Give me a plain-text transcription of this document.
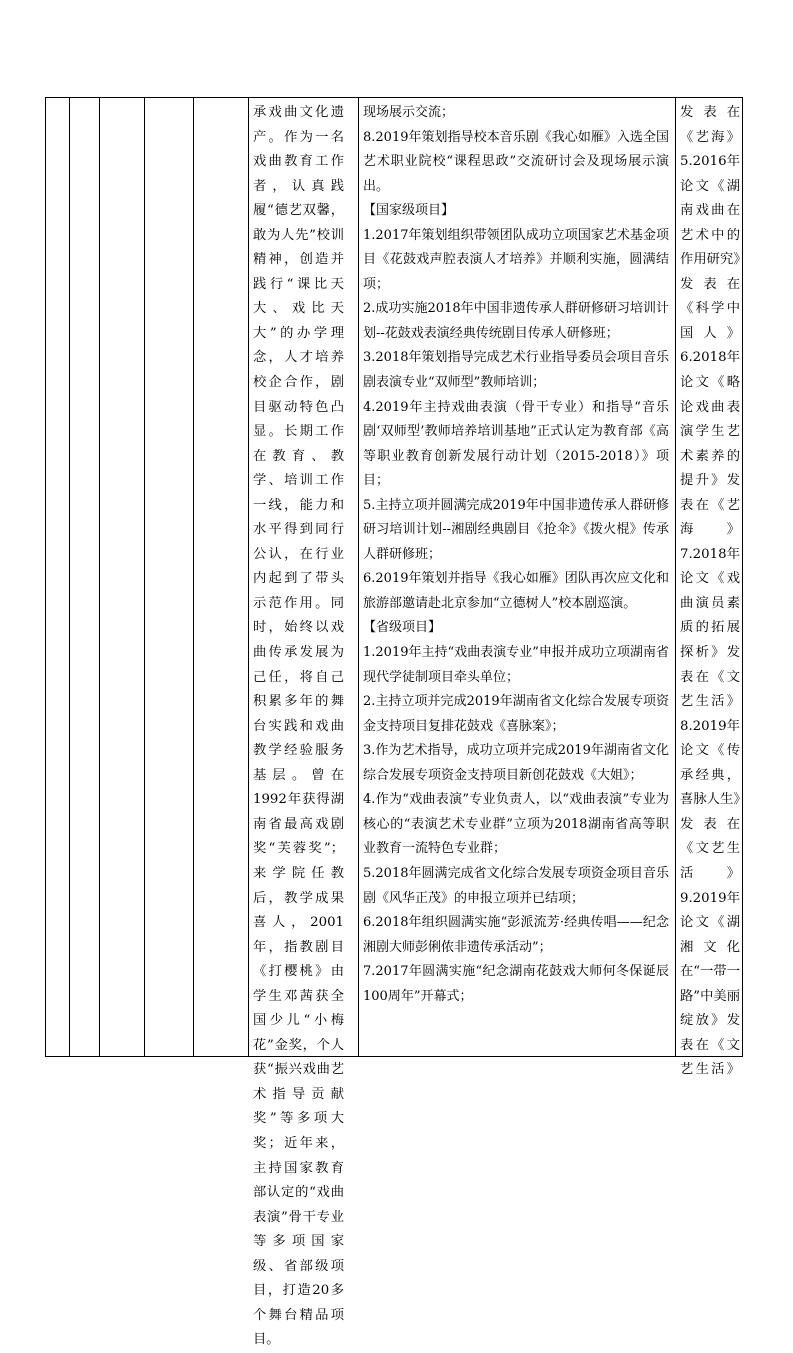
承戏曲文化遗产。作为一名戏曲教育工作者，认真践履“德艺双馨，敢为人先”校训精神，创造并践行“课比天大、戏比天大”的办学理念，人才培养校企合作，剧目驱动特色凸显。长期工作在教育、教学、培训工作一线，能力和水平得到同行公认，在行业内起到了带头示范作用。同时，始终以戏曲传承发展为己任，将自己积累多年的舞台实践和戏曲教学经验服务基层。曾在1992年获得湖南省最高戏剧奖“芙蓉奖”；来学院任教后，教学成果喜人，2001年，指教剧目《打樱桃》由学生邓茜获全国少儿“小梅花”金奖，个人获“振兴戏曲艺术指导贡献奖”等多项大奖；近年来，主持国家教育部认定的“戏曲表演”骨干专业等多项国家级、省部级项目，打造20多个舞台精品项目。

现场展示交流；
8.2019年策划指导校本音乐剧《我心如雁》入选全国艺术职业院校“课程思政”交流研讨会及现场展示演出。
【国家级项目】
1.2017年策划组织带领团队成功立项国家艺术基金项目《花鼓戏声腔表演人才培养》并顺利实施，圆满结项；
2.成功实施2018年中国非遗传承人群研修研习培训计划--花鼓戏表演经典传统剧目传承人研修班；
3.2018年策划指导完成艺术行业指导委员会项目音乐剧表演专业“双师型”教师培训；
4.2019年主持戏曲表演（骨干专业）和指导“音乐剧‘双师型’教师培养培训基地”正式认定为教育部《高等职业教育创新发展行动计划（2015-2018）》项目；
5.主持立项并圆满完成2019年中国非遗传承人群研修研习培训计划--湘剧经典剧目《抢伞》《拨火棍》传承人群研修班；
6.2019年策划并指导《我心如雁》团队再次应文化和旅游部邀请赴北京参加“立德树人”校本剧巡演。
【省级项目】
1.2019年主持“戏曲表演专业”申报并成功立项湖南省现代学徒制项目牵头单位；
2.主持立项并完成2019年湖南省文化综合发展专项资金支持项目复排花鼓戏《喜脉案》；
3.作为艺术指导，成功立项并完成2019年湖南省文化综合发展专项资金支持项目新创花鼓戏《大姐》；
4.作为“戏曲表演”专业负责人，以“戏曲表演”专业为核心的“表演艺术专业群”立项为2018湖南省高等职业教育一流特色专业群；
5.2018年圆满完成省文化综合发展专项资金项目音乐剧《风华正茂》的申报立项并已结项；
6.2018年组织圆满实施“彭派流芳·经典传唱——纪念湘剧大师彭俐侬非遗传承活动”；
7.2017年圆满实施“纪念湖南花鼓戏大师何冬保诞辰100周年”开幕式；
发表在《艺海》
5.2016年论文《湖南戏曲在艺术中的作用研究》发表在《科学中国人》
6.2018年论文《略论戏曲表演学生艺术素养的提升》发表在《艺海》
7.2018年论文《戏曲演员素质的拓展探析》发表在《文艺生活》
8.2019年论文《传承经典，喜脉人生》发表在《文艺生活》
9.2019年论文《湖湘文化在“一带一路”中美丽绽放》发表在《文艺生活》
